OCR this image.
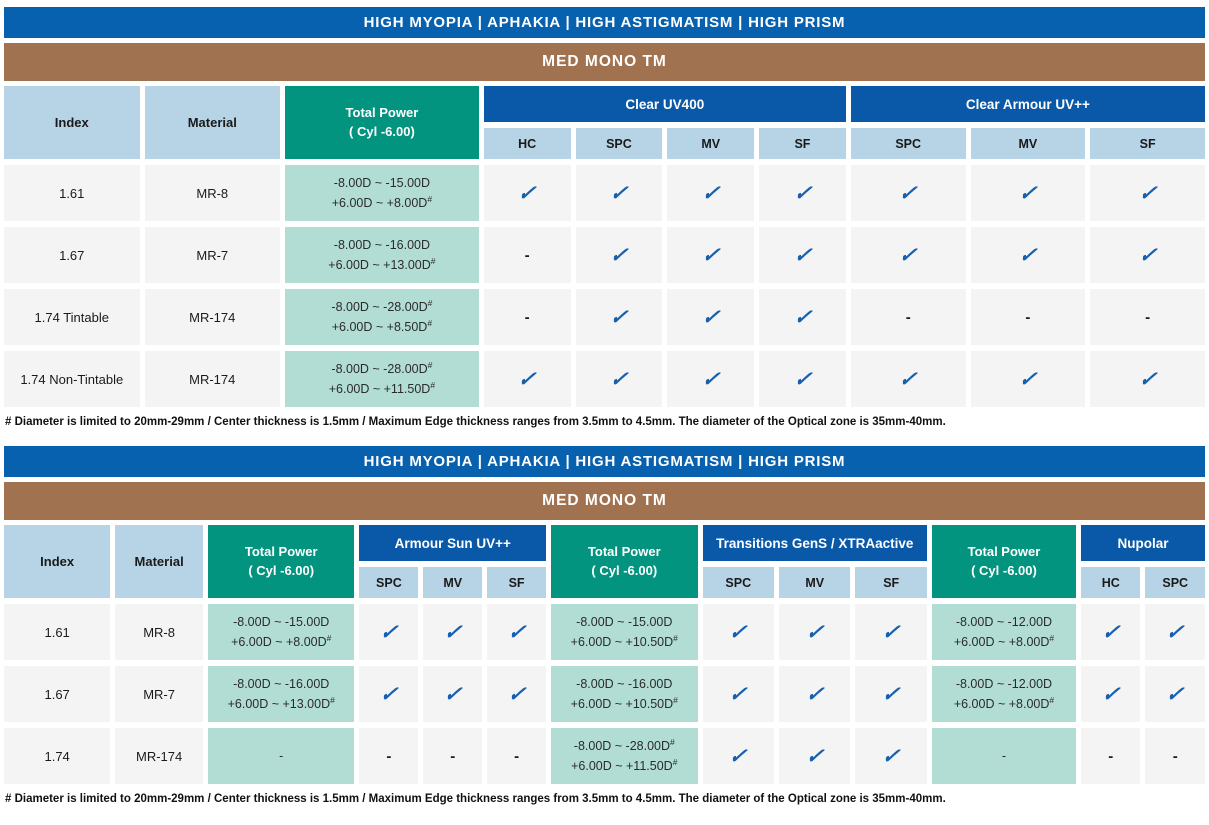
HIGH MYOPIA | APHAKIA | HIGH ASTIGMATISM | HIGH PRISM
MED MONO TM
Index	Material	Total Power
( Cyl -6.00)	Clear UV400				Clear Armour UV++		
			HC	SPC	MV	SF	SPC	MV	SF
1.61	MR-8	-8.00D ~ -15.00D
+6.00D ~ +8.00D#	✓	✓	✓	✓	✓	✓	✓
1.67	MR-7	-8.00D ~ -16.00D
+6.00D ~ +13.00D#	-	✓	✓	✓	✓	✓	✓
1.74 Tintable	MR-174	-8.00D ~ -28.00D#
+6.00D ~ +8.50D#	-	✓	✓	✓	-	-	-
1.74 Non-Tintable	MR-174	-8.00D ~ -28.00D#
+6.00D ~ +11.50D#	✓	✓	✓	✓	✓	✓	✓
# Diameter is limited to 20mm-29mm / Center thickness is 1.5mm / Maximum Edge thickness ranges from 3.5mm to 4.5mm. The diameter of the Optical zone is 35mm-40mm.
HIGH MYOPIA | APHAKIA | HIGH ASTIGMATISM | HIGH PRISM
MED MONO TM
Index	Material	
Total Power
( Cyl -6.00)
	Armour Sun UV++	
Total Power
( Cyl -6.00)
	Transitions GenS / XTRAactive	
Total Power
( Cyl -6.00)
	Nupolar
			SPC	MV	SF		SPC	MV	SF		HC	SPC
1.61	MR-8	
-8.00D ~ -15.00D
+6.00D ~ +8.00D#	✓	✓	✓	-8.00D ~ -15.00D
+6.00D ~ +10.50D#	✓	✓	✓	-8.00D ~ -12.00D
+6.00D ~ +8.00D#	✓	✓
1.67	MR-7	
-8.00D ~ -16.00D
+6.00D ~ +13.00D#	✓	✓	✓	-8.00D ~ -16.00D
+6.00D ~ +10.50D#	✓	✓	✓	-8.00D ~ -12.00D
+6.00D ~ +8.00D#	✓	✓
1.74	MR-174	-	-	-	-	-8.00D ~ -28.00D#
+6.00D ~ +11.50D#	✓	✓	✓	-	-	-
# Diameter is limited to 20mm-29mm / Center thickness is 1.5mm / Maximum Edge thickness ranges from 3.5mm to 4.5mm. The diameter of the Optical zone is 35mm-40mm.
